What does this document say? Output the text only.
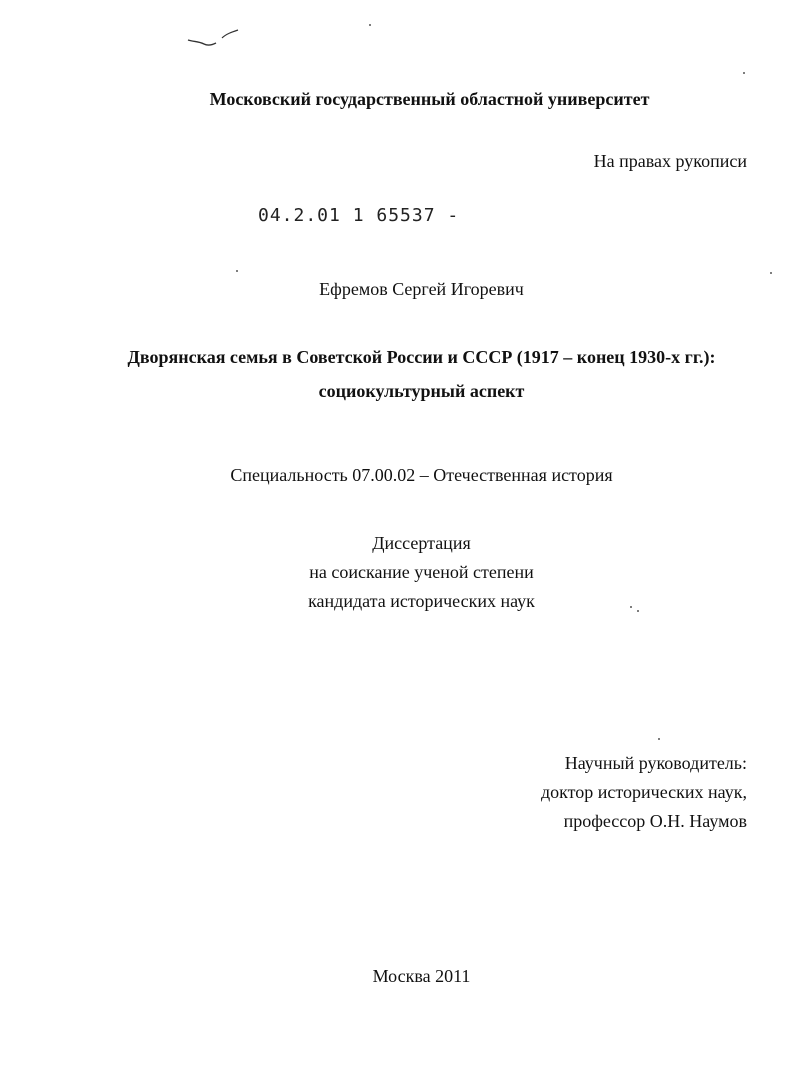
Московский государственный областной университет
На правах рукописи
04.2.01 1 65537 -
Ефремов Сергей Игоревич
Дворянская семья в Советской России и СССР (1917 – конец 1930-х гг.):
социокультурный аспект
Специальность 07.00.02 – Отечественная история
Диссертация
на соискание ученой степени
кандидата исторических наук
Научный руководитель:
доктор исторических наук,
профессор О.Н. Наумов
Москва 2011
